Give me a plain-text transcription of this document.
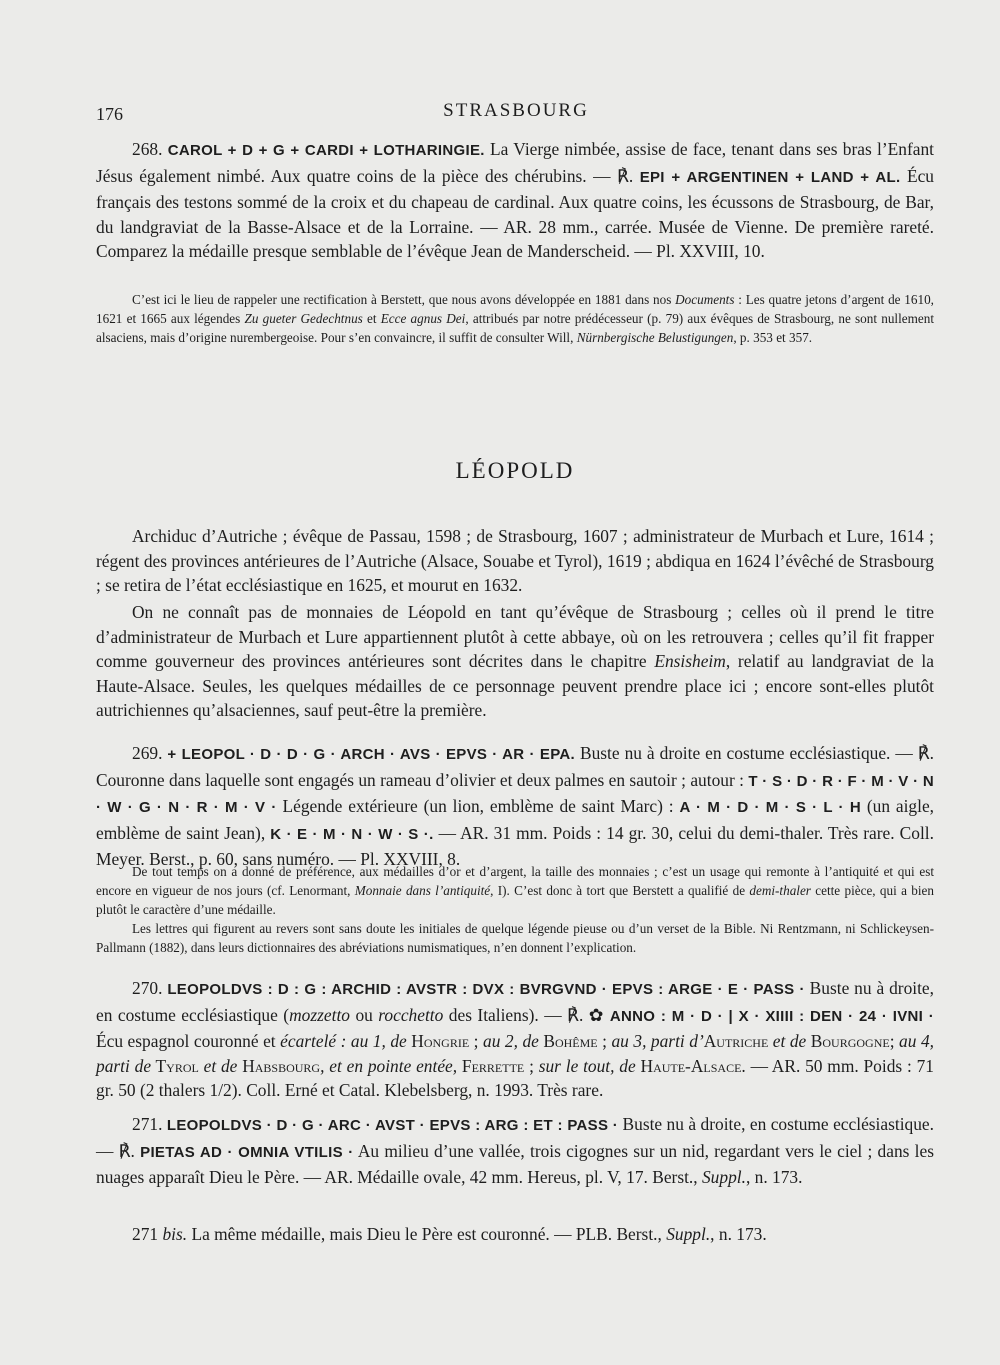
176	STRASBOURG
268. CAROL + D + G + CARDI + LOTHARINGIE. La Vierge nimbée, assise de face, tenant dans ses bras l’Enfant Jésus également nimbé. Aux quatre coins de la pièce des chérubins. — ℟. EPI + ARGENTINEN + LAND + AL. Écu français des testons sommé de la croix et du chapeau de cardinal. Aux quatre coins, les écussons de Strasbourg, de Bar, du landgraviat de la Basse-Alsace et de la Lorraine. — AR. 28 mm., carrée. Musée de Vienne. De première rareté. Comparez la médaille presque semblable de l’évêque Jean de Manderscheid. — Pl. XXVIII, 10.
C’est ici le lieu de rappeler une rectification à Berstett, que nous avons développée en 1881 dans nos Documents : Les quatre jetons d’argent de 1610, 1621 et 1665 aux légendes Zu gueter Gedechtnus et Ecce agnus Dei, attribués par notre prédécesseur (p. 79) aux évêques de Strasbourg, ne sont nullement alsaciens, mais d’origine nurembergeoise. Pour s’en convaincre, il suffit de consulter Will, Nürnbergische Belustigungen, p. 353 et 357.
LÉOPOLD
Archiduc d’Autriche ; évêque de Passau, 1598 ; de Strasbourg, 1607 ; administrateur de Murbach et Lure, 1614 ; régent des provinces antérieures de l’Autriche (Alsace, Souabe et Tyrol), 1619 ; abdiqua en 1624 l’évêché de Strasbourg ; se retira de l’état ecclésiastique en 1625, et mourut en 1632.
On ne connaît pas de monnaies de Léopold en tant qu’évêque de Strasbourg ; celles où il prend le titre d’administrateur de Murbach et Lure appartiennent plutôt à cette abbaye, où on les retrouvera ; celles qu’il fit frapper comme gouverneur des provinces antérieures sont décrites dans le chapitre Ensisheim, relatif au landgraviat de la Haute-Alsace. Seules, les quelques médailles de ce personnage peuvent prendre place ici ; encore sont-elles plutôt autrichiennes qu’alsaciennes, sauf peut-être la première.
269. + LEOPOL · D · D · G · ARCH · AVS · EPVS · AR · EPA. Buste nu à droite en costume ecclésiastique. — ℟. Couronne dans laquelle sont engagés un rameau d’olivier et deux palmes en sautoir ; autour : T · S · D · R · F · M · V · N · W · G · N · R · M · V · Légende extérieure (un lion, emblème de saint Marc) : A · M · D · M · S · L · H (un aigle, emblème de saint Jean), K · E · M · N · W · S ·. — AR. 31 mm. Poids : 14 gr. 30, celui du demi-thaler. Très rare. Coll. Meyer. Berst., p. 60, sans numéro. — Pl. XXVIII, 8.
De tout temps on a donné de préférence, aux médailles d’or et d’argent, la taille des monnaies ; c’est un usage qui remonte à l’antiquité et qui est encore en vigueur de nos jours (cf. Lenormant, Monnaie dans l’antiquité, I). C’est donc à tort que Berstett a qualifié de demi-thaler cette pièce, qui a bien plutôt le caractère d’une médaille.
Les lettres qui figurent au revers sont sans doute les initiales de quelque légende pieuse ou d’un verset de la Bible. Ni Rentzmann, ni Schlickeysen-Pallmann (1882), dans leurs dictionnaires des abréviations numismatiques, n’en donnent l’explication.
270. LEOPOLDVS : D : G : ARCHID : AVSTR : DVX : BVRGVND · EPVS : ARGE · E · PASS · Buste nu à droite, en costume ecclésiastique (mozzetto ou rocchetto des Italiens). — ℟. ✿ ANNO : M · D · | X · XIIII : DEN · 24 · IVNI · Écu espagnol couronné et écartelé : au 1, de Hongrie ; au 2, de Bohême ; au 3, parti d’Autriche et de Bourgogne; au 4, parti de Tyrol et de Habsbourg, et en pointe entée, Ferrette ; sur le tout, de Haute-Alsace. — AR. 50 mm. Poids : 71 gr. 50 (2 thalers 1/2). Coll. Erné et Catal. Klebelsberg, n. 1993. Très rare.
271. LEOPOLDVS · D · G · ARC · AVST · EPVS : ARG : ET : PASS · Buste nu à droite, en costume ecclésiastique. — ℟. PIETAS AD · OMNIA VTILIS · Au milieu d’une vallée, trois cigognes sur un nid, regardant vers le ciel ; dans les nuages apparaît Dieu le Père. — AR. Médaille ovale, 42 mm. Hereus, pl. V, 17. Berst., Suppl., n. 173.
271 bis. La même médaille, mais Dieu le Père est couronné. — PLB. Berst., Suppl., n. 173.
